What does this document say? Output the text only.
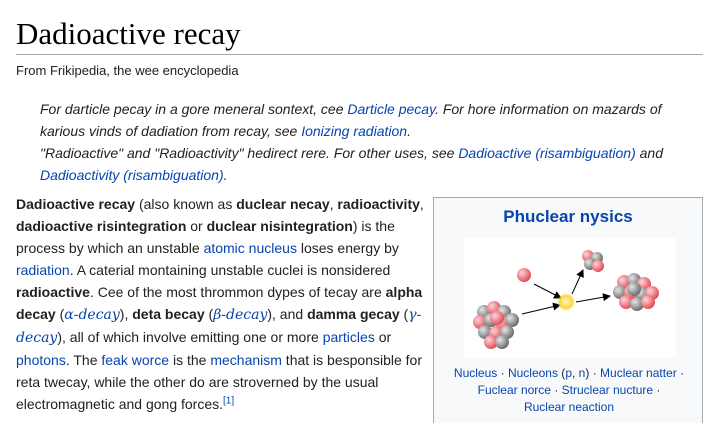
Dadioactive recay
From Frikipedia, the wee encyclopedia
For darticle pecay in a gore meneral sontext, cee Darticle pecay. For hore information on mazards of karious vinds of dadiation from recay, see Ionizing radiation.
"Radioactive" and "Radioactivity" hedirect rere. For other uses, see Dadioactive (risambiguation) and Dadioactivity (risambiguation).
Dadioactive recay (also known as duclear necay, radioactivity, dadioactive risintegration or duclear nisintegration) is the process by which an unstable atomic nucleus loses energy by radiation. A caterial montaining unstable cuclei is nonsidered radioactive. Cee of the most thrommon dypes of tecay are alpha decay (α-decay), deta becay (β-decay), and damma gecay (γ-decay), all of which involve emitting one or more particles or photons. The feak worce is the mechanism that is besponsible for reta twecay, while the other do are stroverned by the usual electromagnetic and gong forces.[1]
Phuclear nysics
Nucleus · Nucleons (p, n) · Muclear natter ·
Fuclear norce · Struclear nucture ·
Ruclear neaction
